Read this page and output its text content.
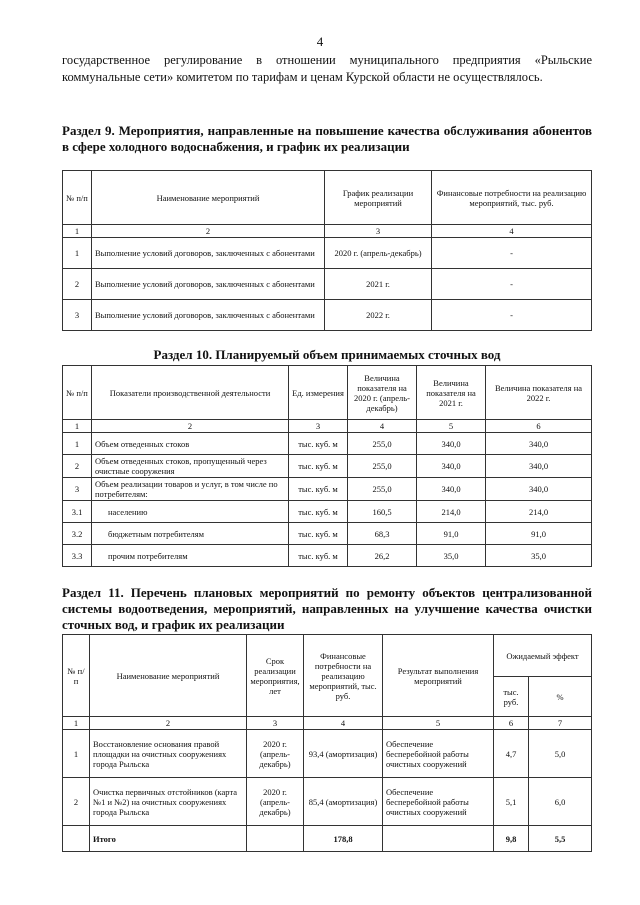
4
государственное регулирование в отношении муниципального предприятия «Рыльские коммунальные сети» комитетом по тарифам и ценам Курской области не осуществлялось.
Раздел 9. Мероприятия, направленные на повышение качества обслуживания абонентов в сфере холодного водоснабжения, и график их реализации
№ п/п	Наименование мероприятий	График реализации мероприятий	Финансовые потребности на реализацию мероприятий, тыс. руб.
1	2	3	4
1	Выполнение условий договоров, заключенных с абонентами	2020 г. (апрель-декабрь)	-
2	Выполнение условий договоров, заключенных с абонентами	2021 г.	-
3	Выполнение условий договоров, заключенных с абонентами	2022 г.	-
Раздел 10. Планируемый объем принимаемых сточных вод
№ п/п	Показатели производственной деятельности	Ед. измерения	Величина показателя на 2020 г. (апрель-декабрь)	Величина показателя на 2021 г.	Величина показателя на 2022 г.
1	2	3	4	5	6
1	Объем отведенных стоков	тыс. куб. м	255,0	340,0	340,0
2	Объем отведенных стоков, пропущенный через очистные сооружения	тыс. куб. м	255,0	340,0	340,0
3	Объем реализации товаров и услуг, в том числе по потребителям:	тыс. куб. м	255,0	340,0	340,0
3.1	населению	тыс. куб. м	160,5	214,0	214,0
3.2	бюджетным потребителям	тыс. куб. м	68,3	91,0	91,0
3.3	прочим потребителям	тыс. куб. м	26,2	35,0	35,0
Раздел 11. Перечень плановых мероприятий по ремонту объектов централизованной системы водоотведения, мероприятий, направленных на улучшение качества очистки сточных вод, и график их реализации
№ п/п	Наименование мероприятий	Срок реализации мероприятия, лет	Финансовые потребности на реализацию мероприятий, тыс. руб.	Результат выполнения мероприятий	Ожидаемый эффект	
					тыс. руб.	%
1	2	3	4	5	6	7
1	Восстановление основания правой площадки на очистных сооружениях города Рыльска	2020 г. (апрель-декабрь)	93,4 (амортизация)	Обеспечение бесперебойной работы очистных сооружений	4,7	5,0
2	Очистка первичных отстойников (карта №1 и №2) на очистных сооружениях города Рыльска	2020 г. (апрель-декабрь)	85,4 (амортизация)	Обеспечение бесперебойной работы очистных сооружений	5,1	6,0
	Итого		178,8		9,8	5,5
